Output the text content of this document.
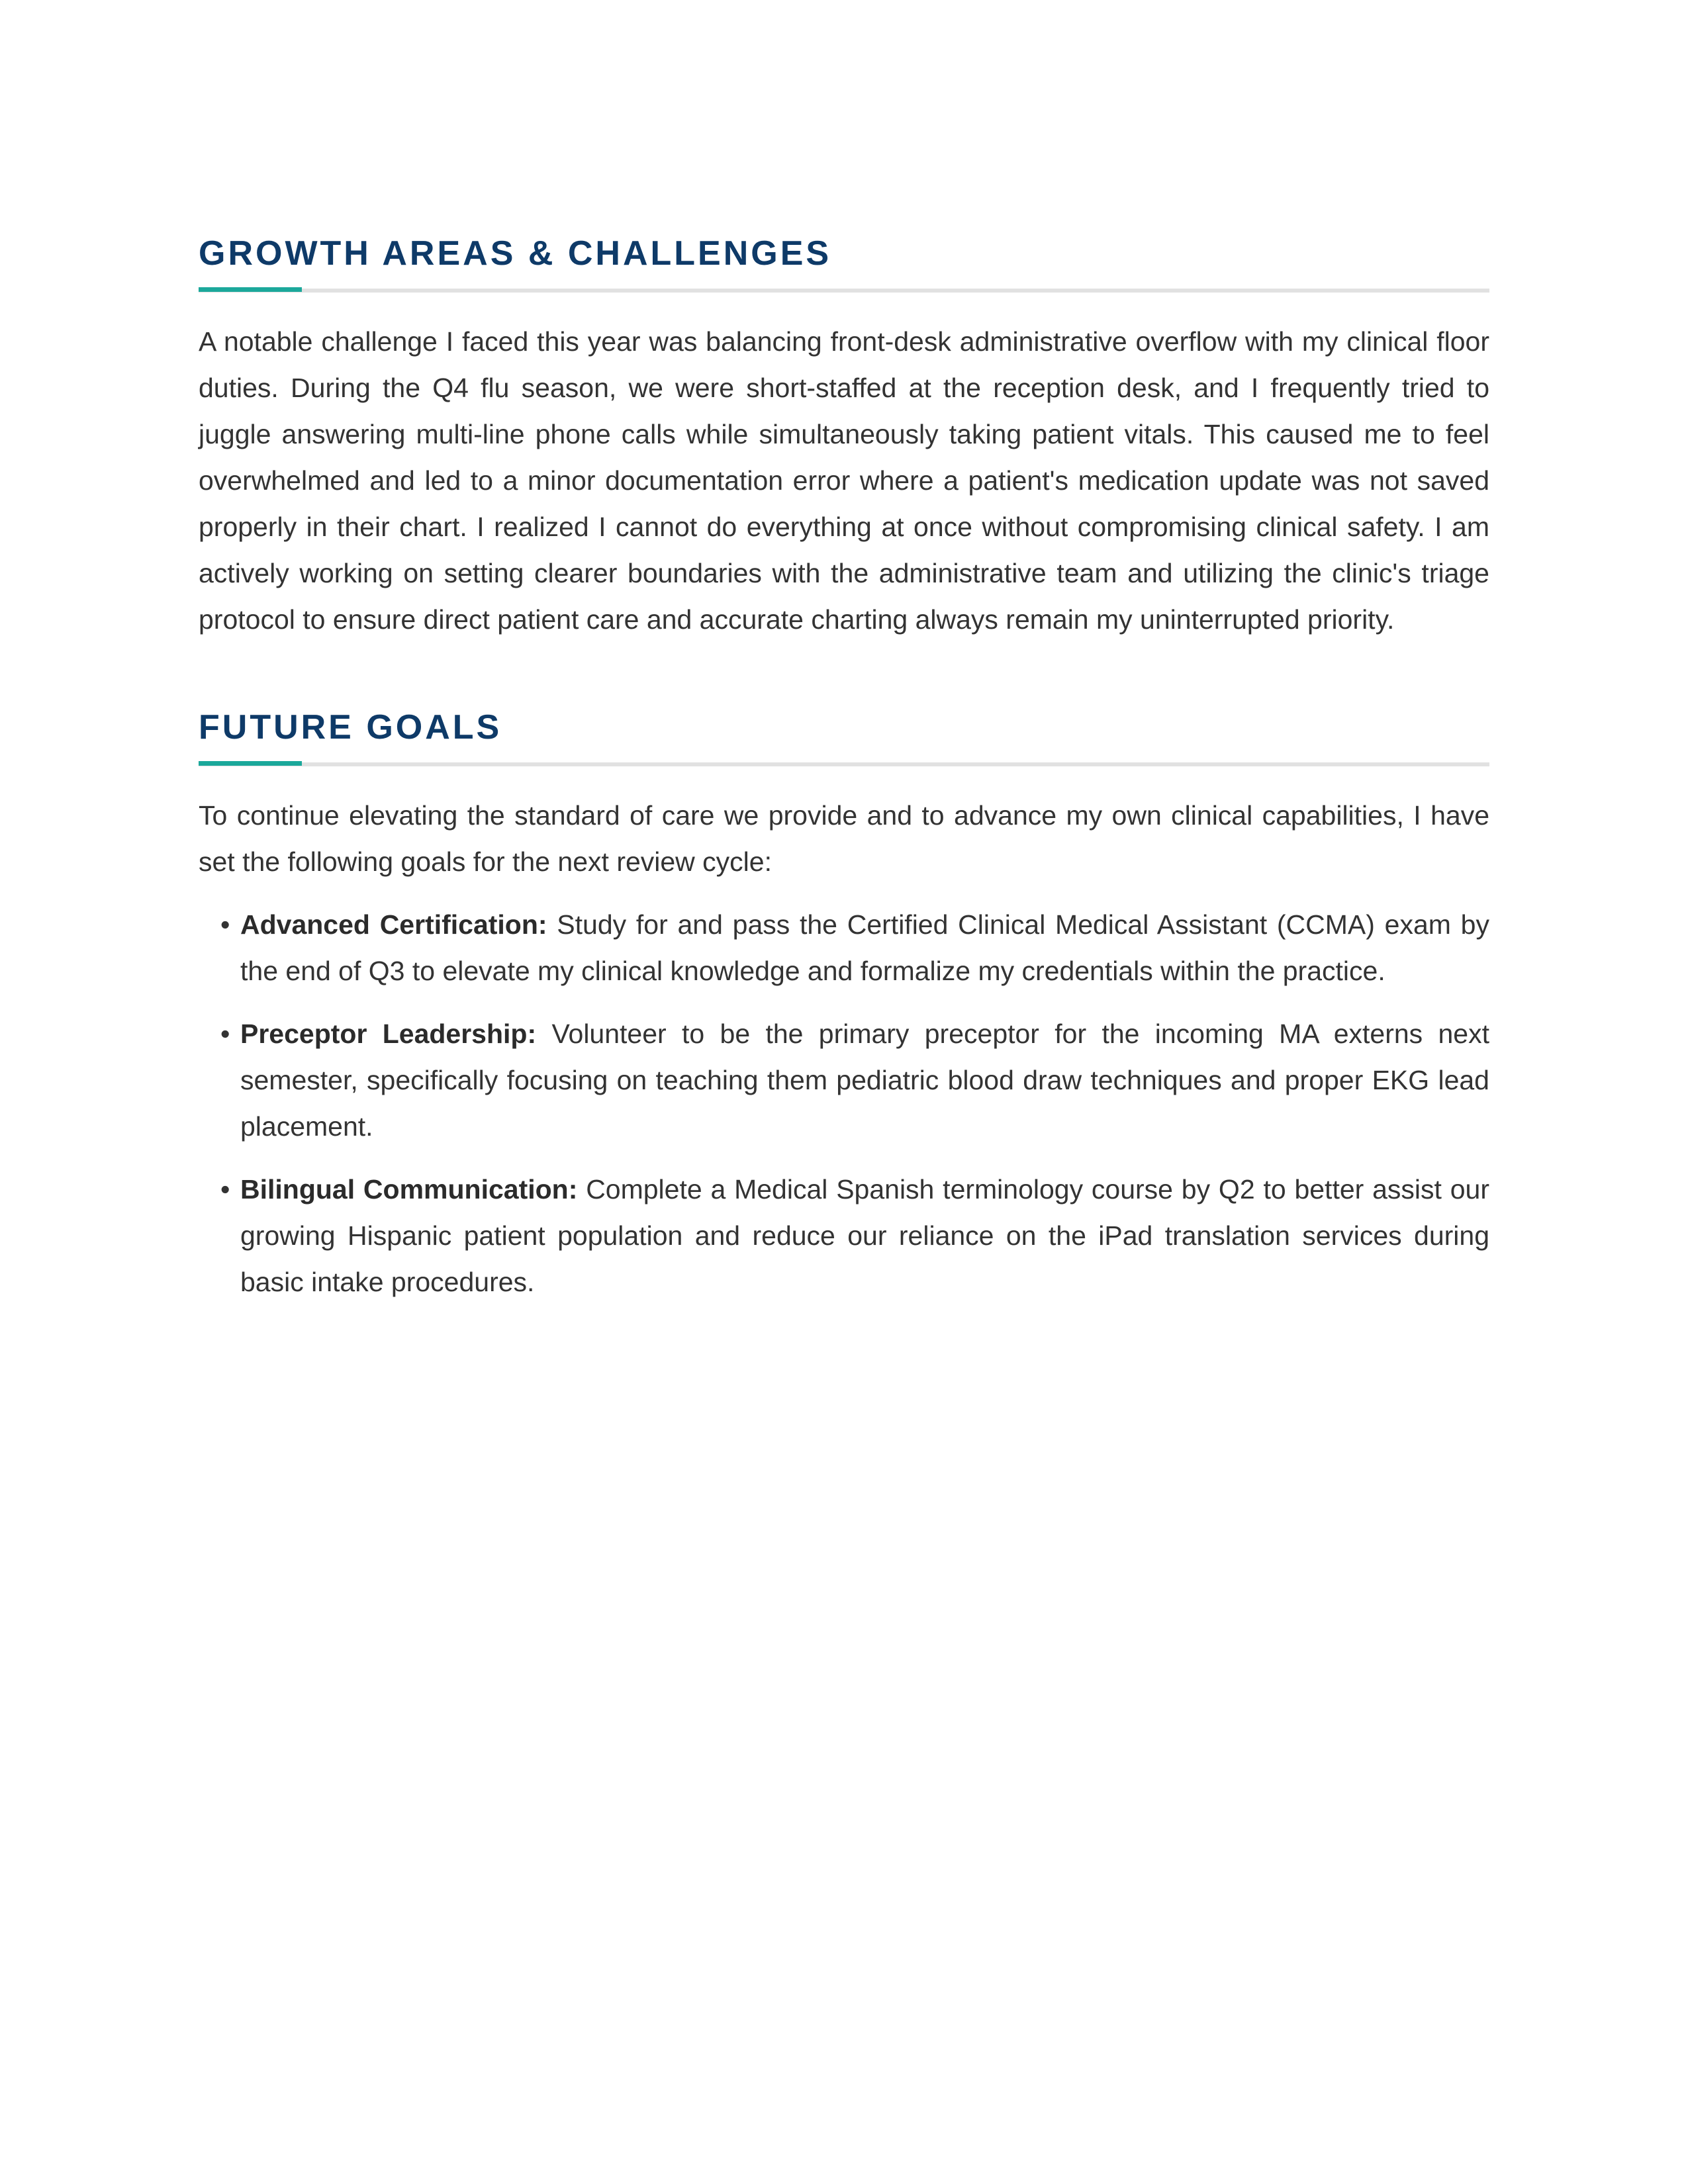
GROWTH AREAS & CHALLENGES

A notable challenge I faced this year was balancing front-desk administrative overflow with my clinical floor duties. During the Q4 flu season, we were short-staffed at the reception desk, and I frequently tried to juggle answering multi-line phone calls while simultaneously taking patient vitals. This caused me to feel overwhelmed and led to a minor documentation error where a patient's medication update was not saved properly in their chart. I realized I cannot do everything at once without compromising clinical safety. I am actively working on setting clearer boundaries with the administrative team and utilizing the clinic's triage protocol to ensure direct patient care and accurate charting always remain my uninterrupted priority.

FUTURE GOALS

To continue elevating the standard of care we provide and to advance my own clinical capabilities, I have set the following goals for the next review cycle:

• Advanced Certification: Study for and pass the Certified Clinical Medical Assistant (CCMA) exam by the end of Q3 to elevate my clinical knowledge and formalize my credentials within the practice.
• Preceptor Leadership: Volunteer to be the primary preceptor for the incoming MA externs next semester, specifically focusing on teaching them pediatric blood draw techniques and proper EKG lead placement.
• Bilingual Communication: Complete a Medical Spanish terminology course by Q2 to better assist our growing Hispanic patient population and reduce our reliance on the iPad translation services during basic intake procedures.
